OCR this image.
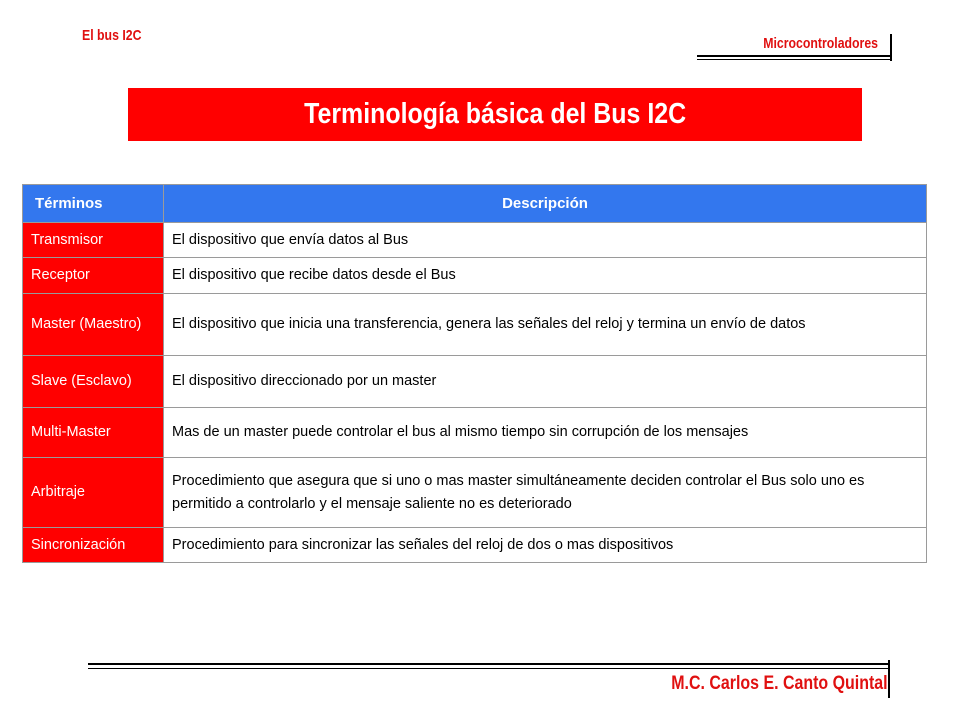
El bus I2C	Microcontroladores
Terminología básica del Bus I2C
Términos	Descripción
Transmisor	El dispositivo que envía datos al Bus
Receptor	El dispositivo que recibe datos desde el Bus
Master (Maestro)	El dispositivo que inicia una transferencia, genera las señales del reloj y termina un envío de datos
Slave (Esclavo)	El dispositivo direccionado por un master
Multi-Master	Mas de un master puede controlar el bus al mismo tiempo sin corrupción de los mensajes
Arbitraje	Procedimiento que asegura que si uno o mas master simultáneamente deciden controlar el Bus solo uno es permitido a controlarlo y el mensaje saliente no es deteriorado
Sincronización	Procedimiento para sincronizar las señales del reloj de dos o mas dispositivos
M.C. Carlos E. Canto Quintal
